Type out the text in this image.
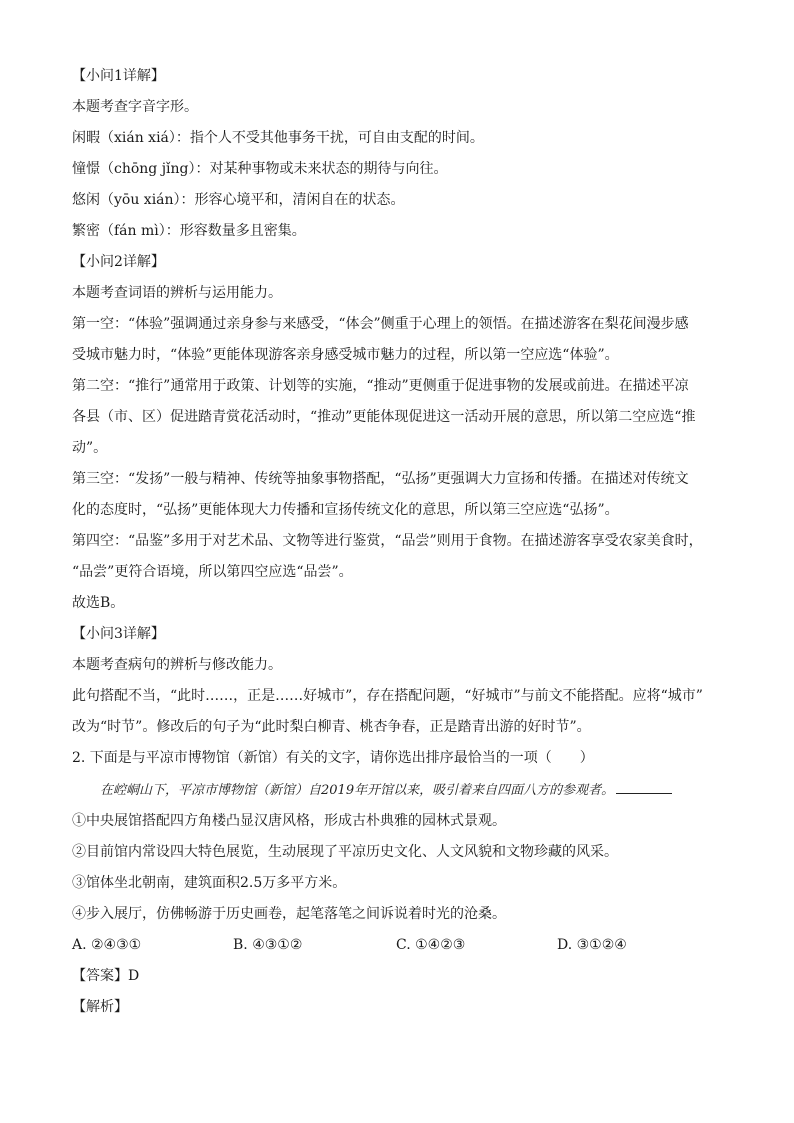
【小问1详解】
本题考查字音字形。
闲暇（xián xiá）：指个人不受其他事务干扰，可自由支配的时间。
憧憬（chōng jǐng）：对某种事物或未来状态的期待与向往。
悠闲（yōu xián）：形容心境平和，清闲自在的状态。
繁密（fán mì）：形容数量多且密集。
【小问2详解】
本题考查词语的辨析与运用能力。
第一空：“体验”强调通过亲身参与来感受，“体会”侧重于心理上的领悟。在描述游客在梨花间漫步感
受城市魅力时，“体验”更能体现游客亲身感受城市魅力的过程，所以第一空应选“体验”。
第二空：“推行”通常用于政策、计划等的实施，“推动”更侧重于促进事物的发展或前进。在描述平凉
各县（市、区）促进踏青赏花活动时，“推动”更能体现促进这一活动开展的意思，所以第二空应选“推
动”。
第三空：“发扬”一般与精神、传统等抽象事物搭配，“弘扬”更强调大力宣扬和传播。在描述对传统文
化的态度时，“弘扬”更能体现大力传播和宣扬传统文化的意思，所以第三空应选“弘扬”。
第四空：“品鉴”多用于对艺术品、文物等进行鉴赏，“品尝”则用于食物。在描述游客享受农家美食时，
“品尝”更符合语境，所以第四空应选“品尝”。
故选B。
【小问3详解】
本题考查病句的辨析与修改能力。
此句搭配不当，“此时……，正是……好城市”，存在搭配问题，“好城市”与前文不能搭配。应将“城市”
改为“时节”。修改后的句子为“此时梨白柳青、桃杏争春，正是踏青出游的好时节”。
2. 下面是与平凉市博物馆（新馆）有关的文字，请你选出排序最恰当的一项（　　）
在崆峒山下，平凉市博物馆（新馆）自2019年开馆以来，吸引着来自四面八方的参观者。
①中央展馆搭配四方角楼凸显汉唐风格，形成古朴典雅的园林式景观。
②目前馆内常设四大特色展览，生动展现了平凉历史文化、人文风貌和文物珍藏的风采。
③馆体坐北朝南，建筑面积2.5万多平方米。
④步入展厅，仿佛畅游于历史画卷，起笔落笔之间诉说着时光的沧桑。
A. ②④③①	B. ④③①②	C. ①④②③	D. ③①②④
【答案】D
【解析】
